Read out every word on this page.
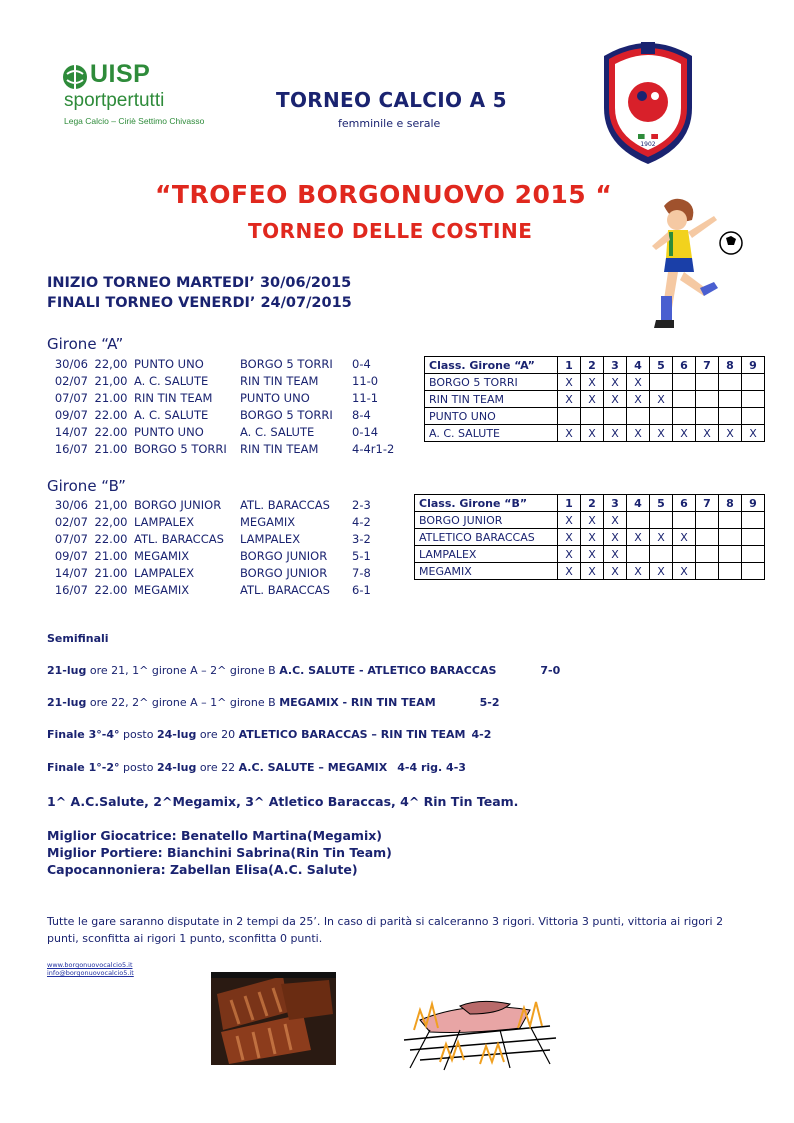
UISP
sportpertutti
Lega Calcio – Ciriè Settimo Chivasso
TORNEO CALCIO A 5
femminile e serale
1902
“TROFEO BORGONUOVO 2015 “
TORNEO DELLE COSTINE
INIZIO TORNEO MARTEDI’ 30/06/2015
FINALI TORNEO VENERDI’ 24/07/2015
Girone “A”
30/06 22,00 PUNTO UNO	BORGO 5 TORRI	0-4
02/07 21,00 A. C. SALUTE	RIN TIN TEAM	11-0
07/07 21.00 RIN TIN TEAM	PUNTO UNO	11-1
09/07 22.00 A. C. SALUTE	BORGO 5 TORRI	8-4
14/07 22.00 PUNTO UNO	A. C. SALUTE	0-14
16/07 21.00 BORGO 5 TORRI	RIN TIN TEAM	4-4r1-2
Class. Girone “A”	1	2	3	4	5	6	7	8	9
BORGO 5 TORRI	X	X	X	X					
RIN TIN TEAM	X	X	X	X	X				
PUNTO UNO									
A. C. SALUTE	X	X	X	X	X	X	X	X	X
Girone “B”
30/06 21,00 BORGO JUNIOR	ATL. BARACCAS	2-3
02/07 22,00 LAMPALEX	MEGAMIX	4-2
07/07 22.00 ATL. BARACCAS	LAMPALEX	3-2
09/07 21.00 MEGAMIX	BORGO JUNIOR	5-1
14/07 21.00 LAMPALEX	BORGO JUNIOR	7-8
16/07 22.00 MEGAMIX	ATL. BARACCAS	6-1
Class. Girone “B”	1	2	3	4	5	6	7	8	9
BORGO JUNIOR	X	X	X						
ATLETICO BARACCAS	X	X	X	X	X	X			
LAMPALEX	X	X	X						
MEGAMIX	X	X	X	X	X	X			
Semifinali
21-lug ore 21, 1^ girone A – 2^ girone B A.C. SALUTE - ATLETICO BARACCAS	7-0
21-lug ore 22, 2^ girone A – 1^ girone B MEGAMIX - RIN TIN TEAM	5-2
Finale 3°-4° posto 24-lug ore 20 ATLETICO BARACCAS – RIN TIN TEAM 4-2
Finale 1°-2° posto 24-lug ore 22 A.C. SALUTE – MEGAMIX 4-4 rig. 4-3
1^ A.C.Salute, 2^Megamix, 3^ Atletico Baraccas, 4^ Rin Tin Team.
Miglior Giocatrice: Benatello Martina(Megamix)
Miglior Portiere: Bianchini Sabrina(Rin Tin Team)
Capocannoniera: Zabellan Elisa(A.C. Salute)
Tutte le gare saranno disputate in 2 tempi da 25’. In caso di parità si calceranno 3 rigori. Vittoria 3 punti, vittoria ai rigori 2 punti, sconfitta ai rigori 1 punto, sconfitta 0 punti.
www.borgonuovocalcio5.it
info@borgonuovocalcio5.it
